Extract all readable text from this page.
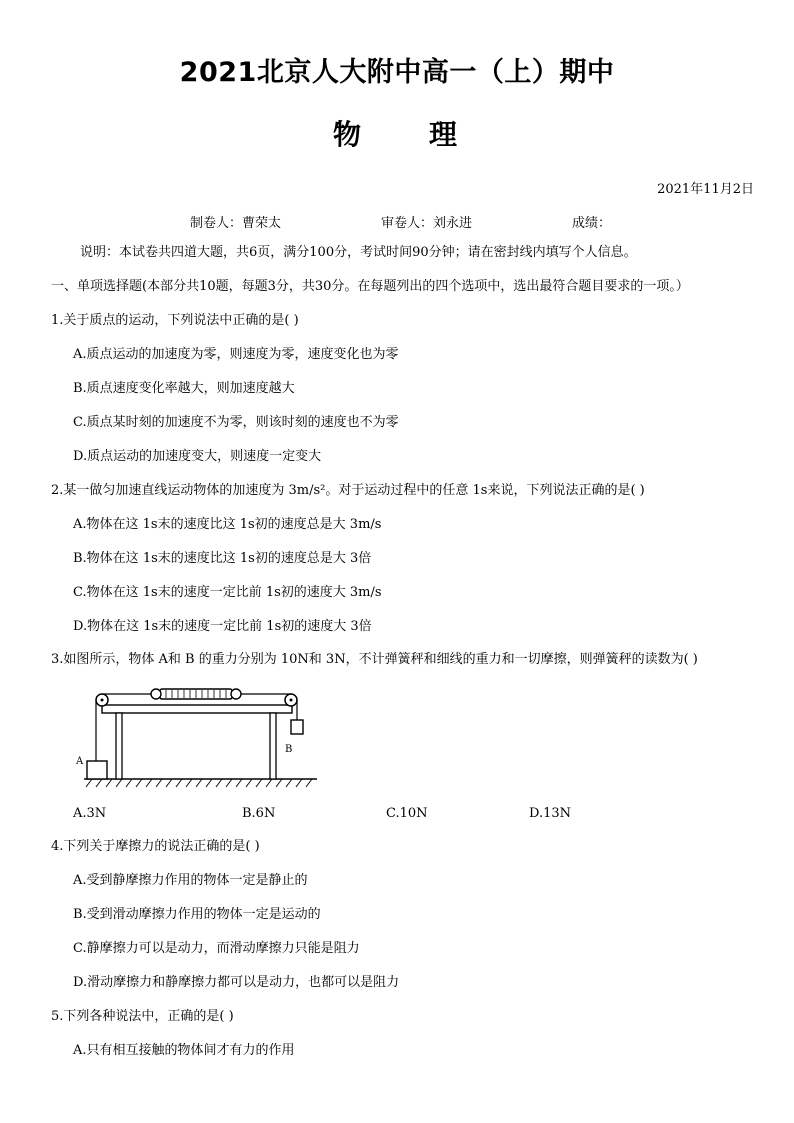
2021北京人大附中高一（上）期中
物　　理
2021年11月2日
制卷人：曹荣太	审卷人：刘永进	成绩：
说明：本试卷共四道大题，共6页，满分100分，考试时间90分钟；请在密封线内填写个人信息。
一、单项选择题(本部分共10题，每题3分，共30分。在每题列出的四个选项中，选出最符合题目要求的一项。）
1.关于质点的运动，下列说法中正确的是( )
A.质点运动的加速度为零，则速度为零，速度变化也为零
B.质点速度变化率越大，则加速度越大
C.质点某时刻的加速度不为零，则该时刻的速度也不为零
D.质点运动的加速度变大，则速度一定变大
2.某一做匀加速直线运动物体的加速度为 3m/s²。对于运动过程中的任意 1s来说，下列说法正确的是( )
A.物体在这 1s末的速度比这 1s初的速度总是大 3m/s
B.物体在这 1s末的速度比这 1s初的速度总是大 3倍
C.物体在这 1s末的速度一定比前 1s初的速度大 3m/s
D.物体在这 1s末的速度一定比前 1s初的速度大 3倍
3.如图所示，物体 A和 B 的重力分别为 10N和 3N，不计弹簧秤和细线的重力和一切摩擦，则弹簧秤的读数为( )
A
B
A.3N	B.6N	C.10N	D.13N
4.下列关于摩擦力的说法正确的是( )
A.受到静摩擦力作用的物体一定是静止的
B.受到滑动摩擦力作用的物体一定是运动的
C.静摩擦力可以是动力，而滑动摩擦力只能是阻力
D.滑动摩擦力和静摩擦力都可以是动力，也都可以是阻力
5.下列各种说法中，正确的是( )
A.只有相互接触的物体间才有力的作用
